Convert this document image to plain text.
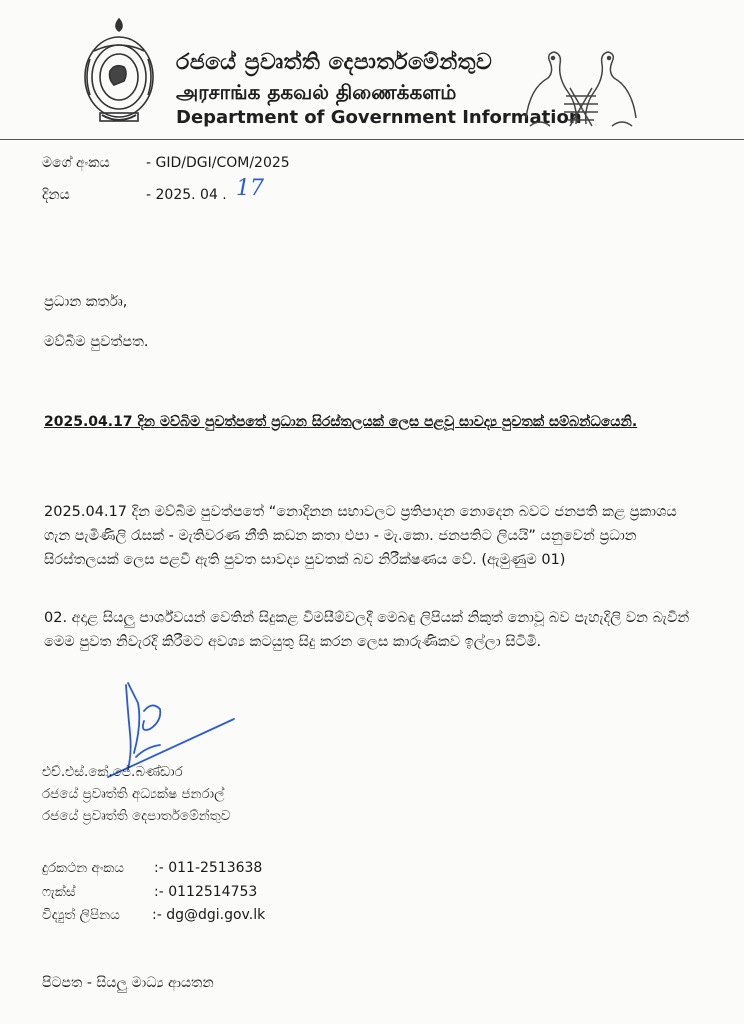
රජයේ ප්‍රවෘත්ති දෙපාර්තමේන්තුව
அரசாங்க தகவல் திணைக்களம்
Department of Government Information
මගේ අංකය	- GID/DGI/COM/2025
දිනය	- 2025. 04 . 17
ප්‍රධාන කර්තෘ,
මව්බිම පුවත්පත.
2025.04.17 දින මව්බිම පුවත්පතේ ප්‍රධාන සිරස්තලයක් ලෙස පළවූ සාවද්‍ය පුවතක් සම්බන්ධයෙනි.
2025.04.17 දින මව්බිම පුවත්පතේ “නොදිනන සභාවලට ප්‍රතිපාදන නොදෙන බවට ජනපති කළ ප්‍රකාශය ගැන පැමිණිලි රැසක් - මැතිවරණ නීති කඩන කතා එපා - මැ.කො. ජනපතිට ලියයි” යනුවෙන් ප්‍රධාන සිරස්තලයක් ලෙස පළවී ඇති පුවත සාවද්‍ය පුවතක් බව නිරීක්ෂණය වේ. (ඇමුණුම 01)
02. අදාළ සියලු පාර්ශ්වයන් වෙතින් සිදුකළ විමසීම්වලදී මෙබඳු ලිපියක් නිකුත් නොවූ බව පැහැදිලි වන බැවින් මෙම පුවත නිවැරදි කිරීමට අවශ්‍ය කටයුතු සිදු කරන ලෙස කාරුණිකව ඉල්ලා සිටිමි.
එච්.එස්.කේ.ජේ.බණ්ඩාර
රජයේ ප්‍රවෘත්ති අධ්‍යක්ෂ ජනරාල්
රජයේ ප්‍රවෘත්ති දෙපාර්තමේන්තුව
දුරකථන අංකය :- 011-2513638
ෆැක්ස්	:- 0112514753
විද්‍යුත් ලිපිනය :- dg@dgi.gov.lk
පිටපත - සියලු මාධ්‍ය ආයතන
